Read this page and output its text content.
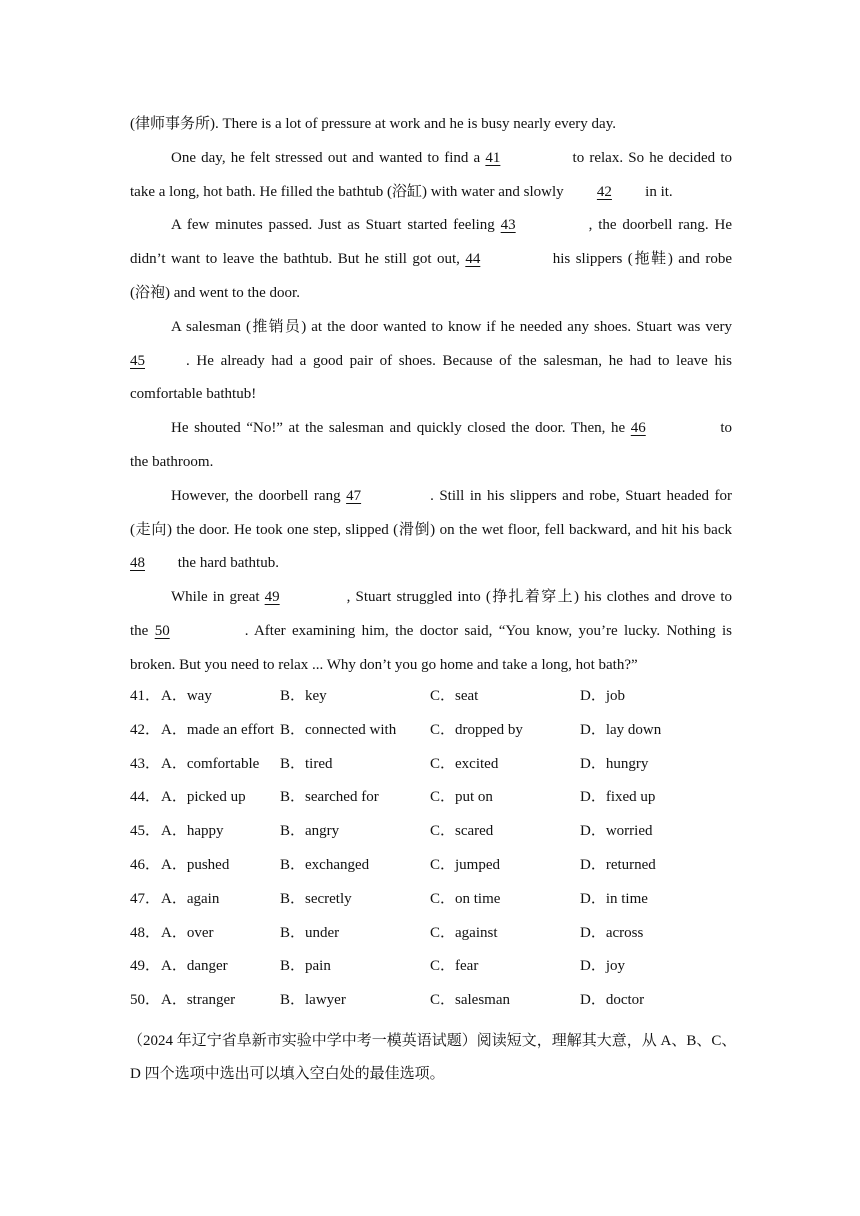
(律师事务所). There is a lot of pressure at work and he is busy nearly every day.
One day, he felt stressed out and wanted to find a 41	to relax. So he decided to
take a long, hot bath. He filled the bathtub (浴缸) with water and slowly 42 in it.
A few minutes passed. Just as Stuart started feeling 43	, the doorbell rang. He
didn’t want to leave the bathtub. But he still got out, 44	his slippers (拖鞋) and robe
(浴袍) and went to the door.
A salesman (推销员) at the door wanted to know if he needed any shoes. Stuart was very
45	. He already had a good pair of shoes. Because of the salesman, he had to leave his
comfortable bathtub!
He shouted “No!” at the salesman and quickly closed the door. Then, he 46	to
the bathroom.
However, the doorbell rang 47	. Still in his slippers and robe, Stuart headed for
(走向) the door. He took one step, slipped (滑倒) on the wet floor, fell backward, and hit his back
48 the hard bathtub.
While in great 49	, Stuart struggled into (挣扎着穿上) his clothes and drove to
the 50	. After examining him, the doctor said, “You know, you’re lucky. Nothing is
broken. But you need to relax ... Why don’t you go home and take a long, hot bath?”
41． A．way	B．key	C．seat	D．job
42． A．made an effort B．connected with C．dropped by	D．lay down
43． A．comfortable B．tired	C．excited	D．hungry
44． A．picked up B．searched for	C．put on	D．fixed up
45． A．happy	B．angry	C．scared	D．worried
46． A．pushed	B．exchanged	C．jumped	D．returned
47． A．again	B．secretly	C．on time	D．in time
48． A．over	B．under	C．against	D．across
49． A．danger	B．pain	C．fear	D．joy
50． A．stranger	B．lawyer	C．salesman	D．doctor
（2024 年辽宁省阜新市实验中学中考一模英语试题）阅读短文，理解其大意，从 A、B、C、
D 四个选项中选出可以填入空白处的最佳选项。
